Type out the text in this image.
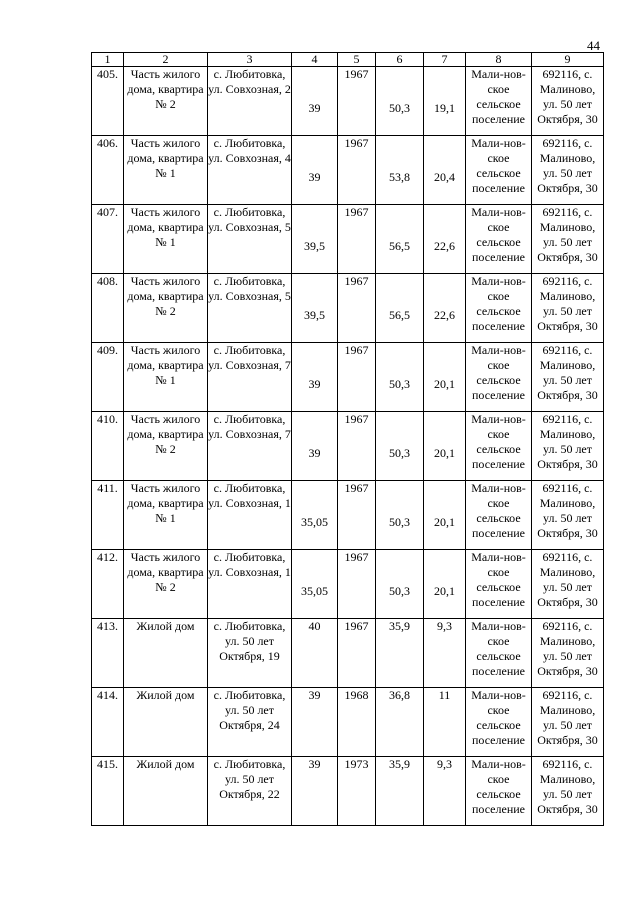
44
1	2	3	4	5	6	7	8	9
405.	Часть жилого дома, квартира № 2	с. Любитовка, ул. Совхозная, 2	39	1967	50,3	19,1	Мали-нов-ское сельское поселение	692116, с. Малиново, ул. 50 лет Октября, 30
406.	Часть жилого дома, квартира № 1	с. Любитовка, ул. Совхозная, 4	39	1967	53,8	20,4	Мали-нов-ское сельское посeлeние	692116, с. Малиново, ул. 50 лет Октября, 30
407.	Часть жилого дома, квартира № 1	с. Любитовка, ул. Совхозная, 5	39,5	1967	56,5	22,6	Мали-нов-ское сельское поселение	692116, с. Малиново, ул. 50 лет Октября, 30
408.	Часть жилого дома, квартира № 2	с. Любитовка, ул. Совхозная, 5	39,5	1967	56,5	22,6	Мали-нов-ское сельское поселение	692116, с. Малиново, ул. 50 лет Октября, 30
409.	Часть жилого дома, квартира № 1	с. Любитовка, ул. Совхозная, 7	39	1967	50,3	20,1	Мали-нов-ское сельское поселение	692116, с. Малиново, ул. 50 лет Октября, 30
410.	Часть жилого дома, квартира № 2	с. Любитовка, ул. Совхозная, 7	39	1967	50,3	20,1	Мали-нов-ское сельское поселение	692116, с. Малиново, ул. 50 лет Октября, 30
411.	Часть жилого дома, квартира № 1	с. Любитовка, ул. Совхозная, 1	35,05	1967	50,3	20,1	Мали-нов-ское сельское поселение	692116, с. Малиново, ул. 50 лет Октября, 30
412.	Часть жилого дома, квартира № 2	с. Любитовка, ул. Совхозная, 1	35,05	1967	50,3	20,1	Мали-нов-ское сельское поселение	692116, с. Малиново, ул. 50 лет Октября, 30
413.	Жилой дом	с. Любитовка, ул. 50 лет Октября, 19	40	1967	35,9	9,3	Мали-нов-ское сельское поселение	692116, с. Малиново, ул. 50 лет Октября, 30
414.	Жилой дом	с. Любитовка, ул. 50 лет Октября, 24	39	1968	36,8	11	Мали-нов-ское сельское поселение	692116, с. Малиново, ул. 50 лет Октября, 30
415.	Жилой дом	с. Любитовка, ул. 50 лет Октября, 22	39	1973	35,9	9,3	Мали-нов-ское сельское поселение	692116, с. Малиново, ул. 50 лет Октября, 30
